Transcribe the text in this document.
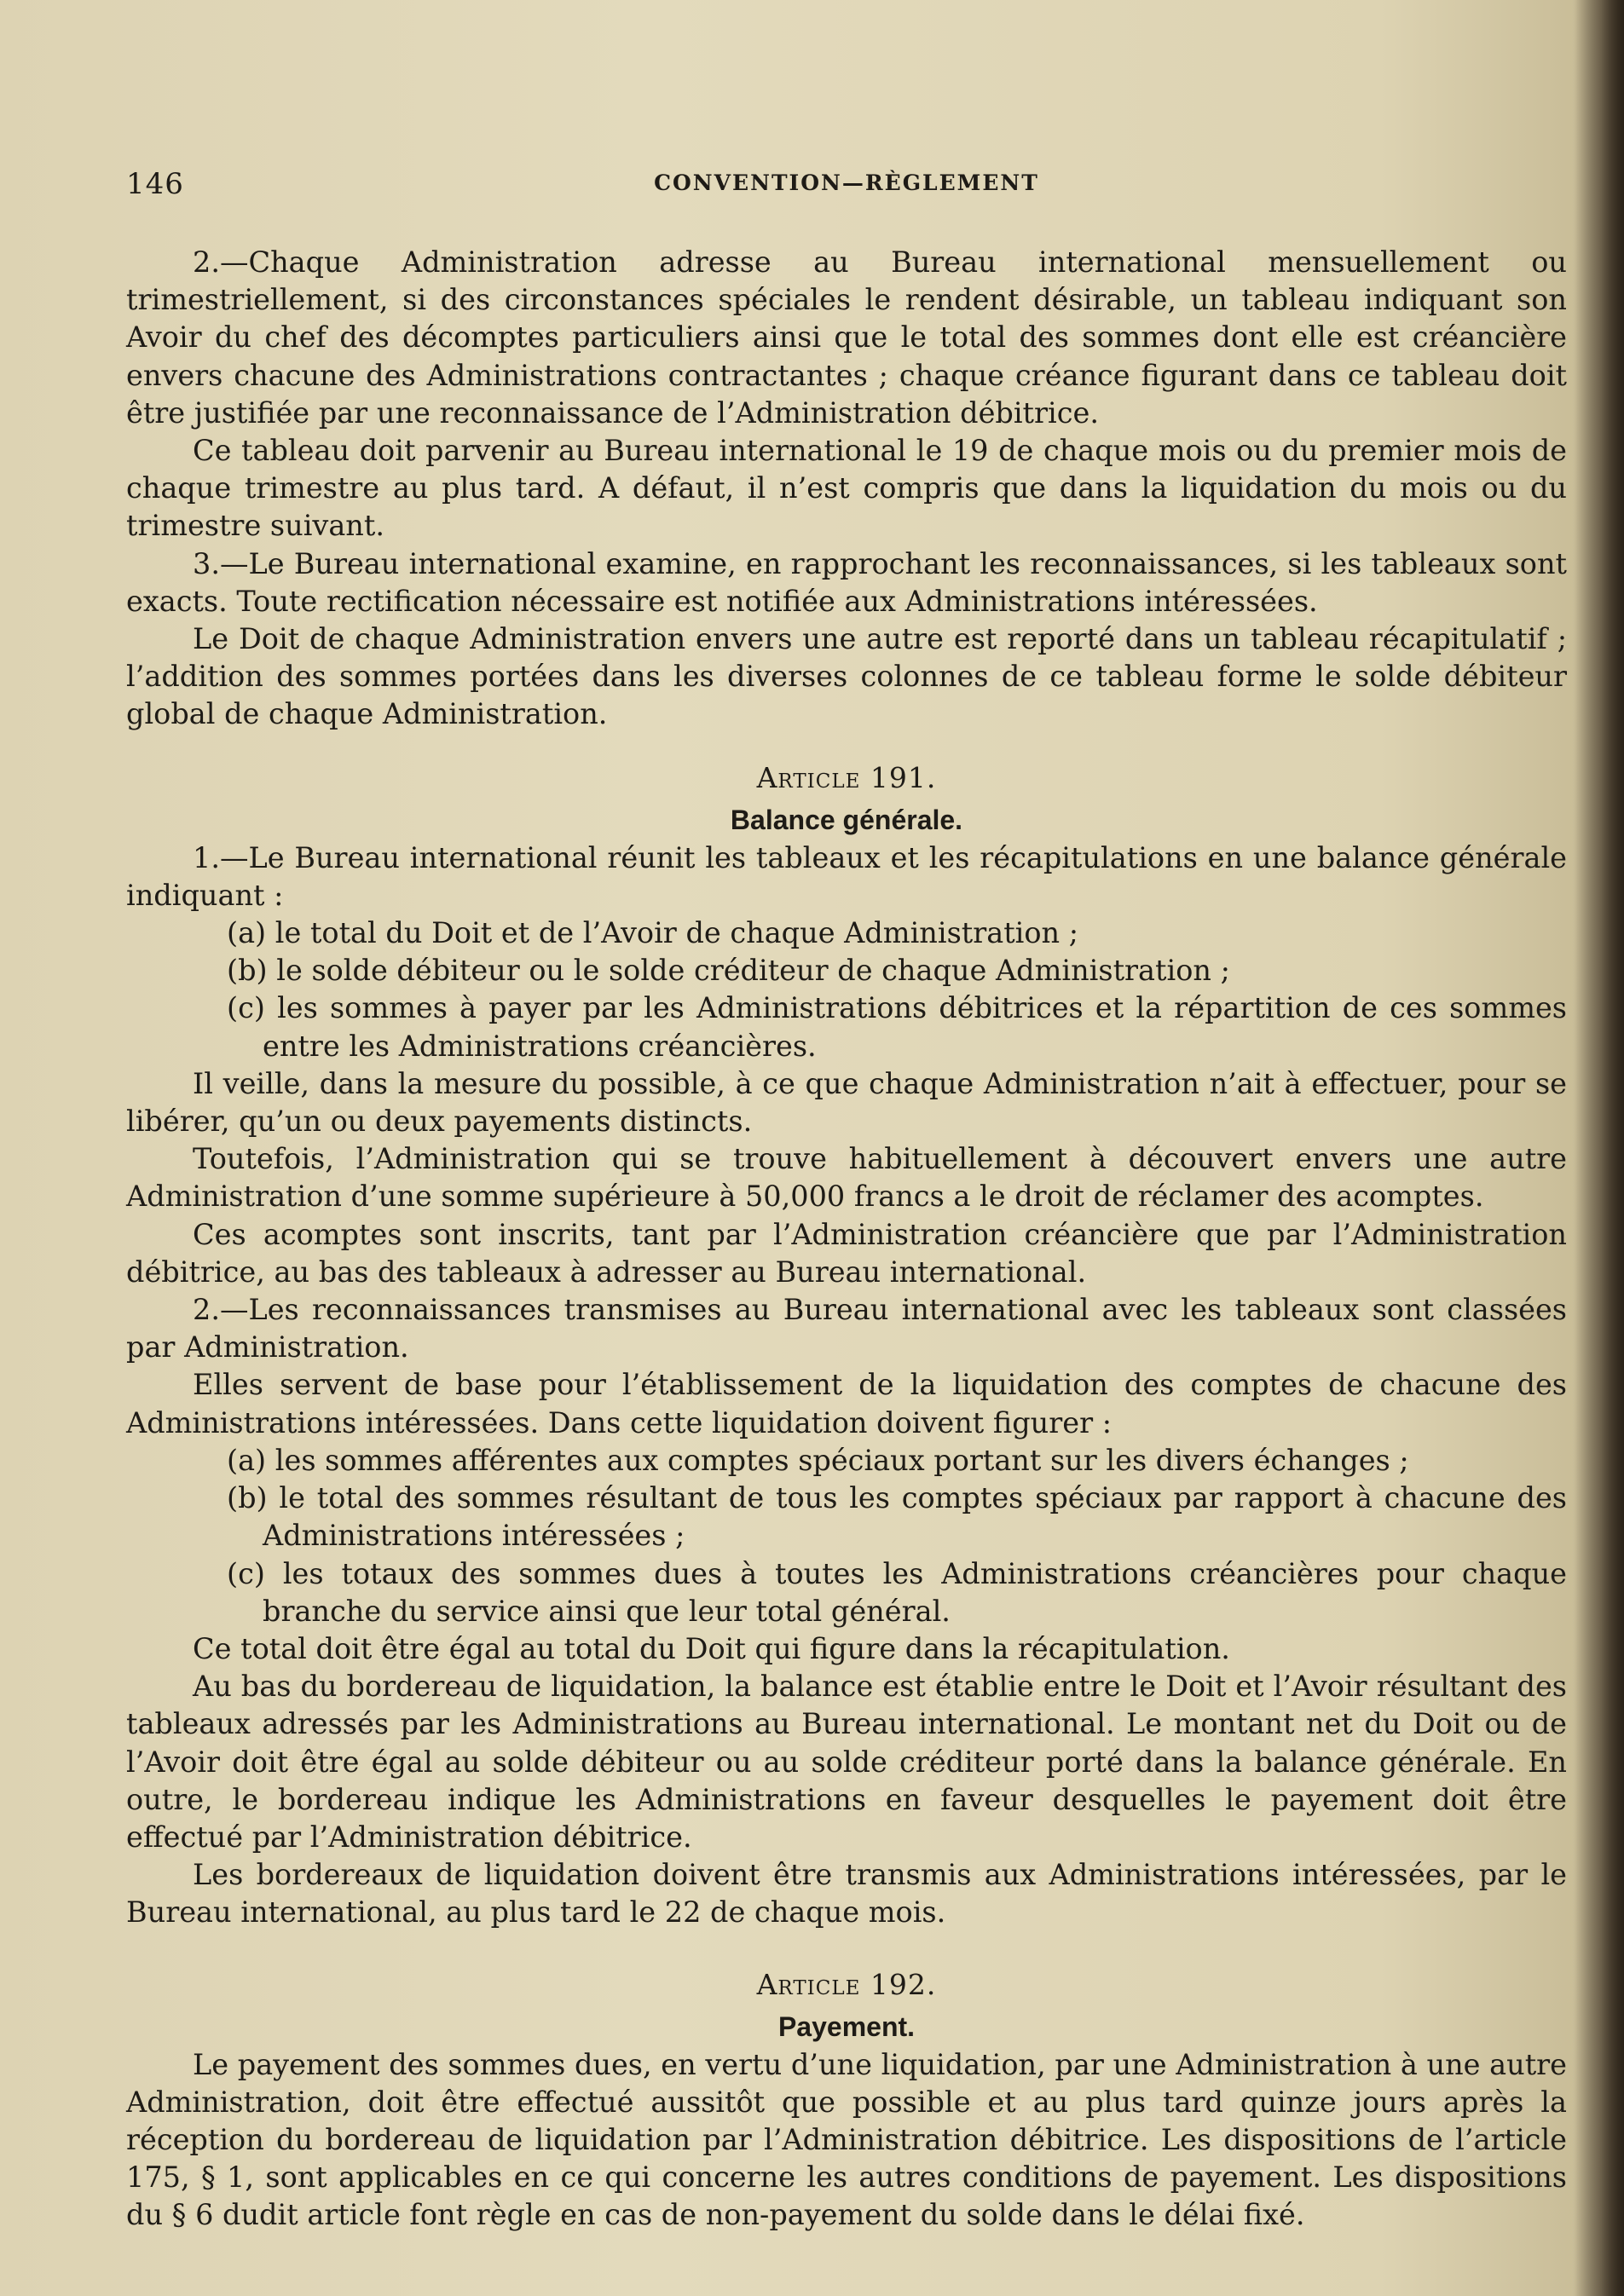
146	CONVENTION—RÈGLEMENT

2.—Chaque Administration adresse au Bureau international mensuellement ou trimestriellement, si des circonstances spéciales le rendent désirable, un tableau indiquant son Avoir du chef des décomptes particuliers ainsi que le total des sommes dont elle est créancière envers chacune des Administrations contractantes ; chaque créance figurant dans ce tableau doit être justifiée par une reconnaissance de l’Administration débitrice.

Ce tableau doit parvenir au Bureau international le 19 de chaque mois ou du premier mois de chaque trimestre au plus tard. A défaut, il n’est compris que dans la liquidation du mois ou du trimestre suivant.

3.—Le Bureau international examine, en rapprochant les reconnaissances, si les tableaux sont exacts. Toute rectification nécessaire est notifiée aux Administrations intéressées.

Le Doit de chaque Administration envers une autre est reporté dans un tableau récapitulatif ; l’addition des sommes portées dans les diverses colonnes de ce tableau forme le solde débiteur global de chaque Administration.

Article 191.

Balance générale.

1.—Le Bureau international réunit les tableaux et les récapitulations en une balance générale indiquant :

(a) le total du Doit et de l’Avoir de chaque Administration ;

(b) le solde débiteur ou le solde créditeur de chaque Administration ;

(c) les sommes à payer par les Administrations débitrices et la répartition de ces sommes entre les Administrations créancières.

Il veille, dans la mesure du possible, à ce que chaque Administration n’ait à effectuer, pour se libérer, qu’un ou deux payements distincts.

Toutefois, l’Administration qui se trouve habituellement à découvert envers une autre Administration d’une somme supérieure à 50,000 francs a le droit de réclamer des acomptes.

Ces acomptes sont inscrits, tant par l’Administration créancière que par l’Administration débitrice, au bas des tableaux à adresser au Bureau international.

2.—Les reconnaissances transmises au Bureau international avec les tableaux sont classées par Administration.

Elles servent de base pour l’établissement de la liquidation des comptes de chacune des Administrations intéressées. Dans cette liquidation doivent figurer :

(a) les sommes afférentes aux comptes spéciaux portant sur les divers échanges ;

(b) le total des sommes résultant de tous les comptes spéciaux par rapport à chacune des Administrations intéressées ;

(c) les totaux des sommes dues à toutes les Administrations créancières pour chaque branche du service ainsi que leur total général.

Ce total doit être égal au total du Doit qui figure dans la récapitulation.

Au bas du bordereau de liquidation, la balance est établie entre le Doit et l’Avoir résultant des tableaux adressés par les Administrations au Bureau international. Le montant net du Doit ou de l’Avoir doit être égal au solde débiteur ou au solde créditeur porté dans la balance générale. En outre, le bordereau indique les Administrations en faveur desquelles le payement doit être effectué par l’Administration débitrice.

Les bordereaux de liquidation doivent être transmis aux Administrations intéressées, par le Bureau international, au plus tard le 22 de chaque mois.

Article 192.

Payement.

Le payement des sommes dues, en vertu d’une liquidation, par une Administration à une autre Administration, doit être effectué aussitôt que possible et au plus tard quinze jours après la réception du bordereau de liquidation par l’Administration débitrice. Les dispositions de l’article 175, § 1, sont applicables en ce qui concerne les autres conditions de payement. Les dispositions du § 6 dudit article font règle en cas de non-payement du solde dans le délai fixé.
